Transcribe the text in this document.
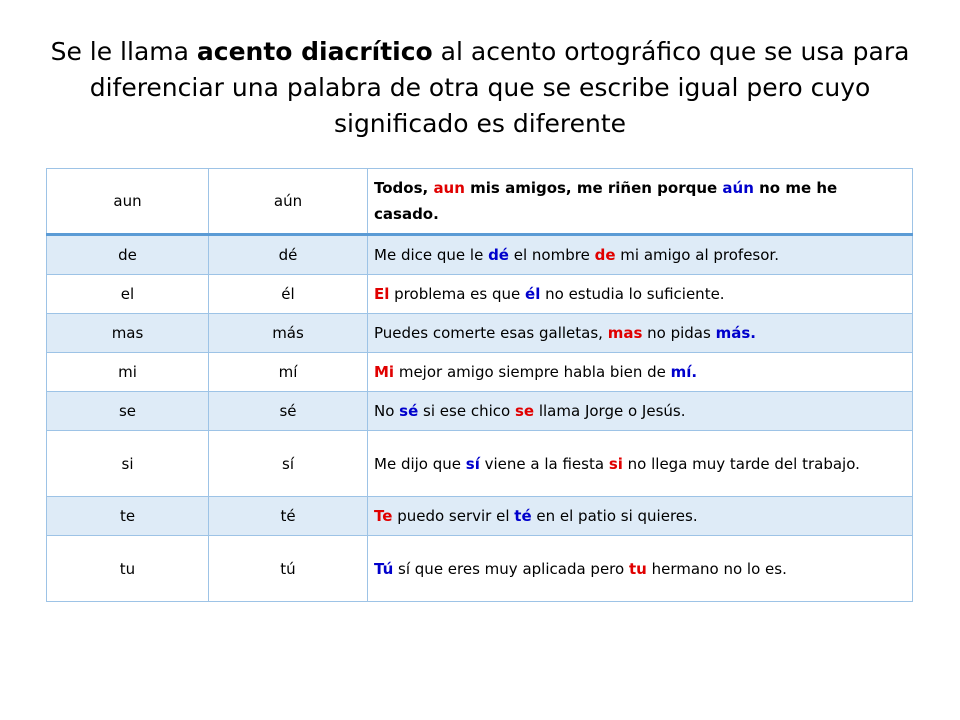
Se le llama acento diacrítico al acento ortográfico que se usa para diferenciar una palabra de otra que se escribe igual pero cuyo significado es diferente
aun	aún	Todos, aun mis amigos, me riñen porque aún no me he casado.
de	dé	Me dice que le dé el nombre de mi amigo al profesor.
el	él	El problema es que él no estudia lo suficiente.
mas	más	Puedes comerte esas galletas, mas no pidas más.
mi	mí	Mi mejor amigo siempre habla bien de mí.
se	sé	No sé si ese chico se llama Jorge o Jesús.
si	sí	Me dijo que sí viene a la fiesta si no llega muy tarde del trabajo.
te	té	Te puedo servir el té en el patio si quieres.
tu	tú	Tú sí que eres muy aplicada pero tu hermano no lo es.
